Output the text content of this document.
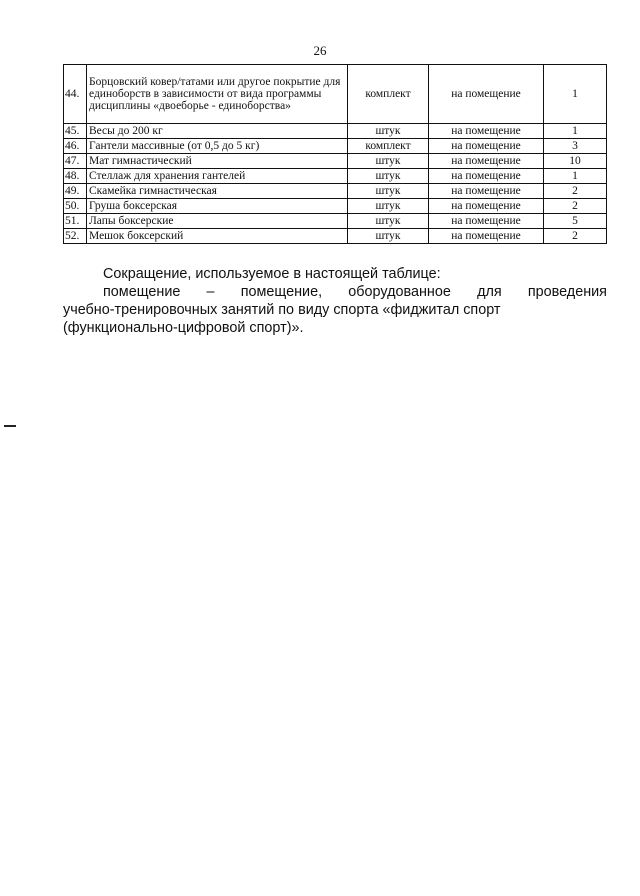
26
44.	Борцовский ковер/татами или другое покрытие для единоборств в зависимости от вида программы дисциплины «двоеборье - единоборства»	комплект	на помещение	1
45.	Весы до 200 кг	штук	на помещение	1
46.	Гантели массивные (от 0,5 до 5 кг)	комплект	на помещение	3
47.	Мат гимнастический	штук	на помещение	10
48.	Стеллаж для хранения гантелей	штук	на помещение	1
49.	Скамейка гимнастическая	штук	на помещение	2
50.	Груша боксерская	штук	на помещение	2
51.	Лапы боксерские	штук	на помещение	5
52.	Мешок боксерский	штук	на помещение	2

Сокращение, используемое в настоящей таблице:

помещение – помещение, оборудованное для проведения

учебно-тренировочных занятий по виду спорта «фиджитал спорт (функционально-цифровой спорт)».
